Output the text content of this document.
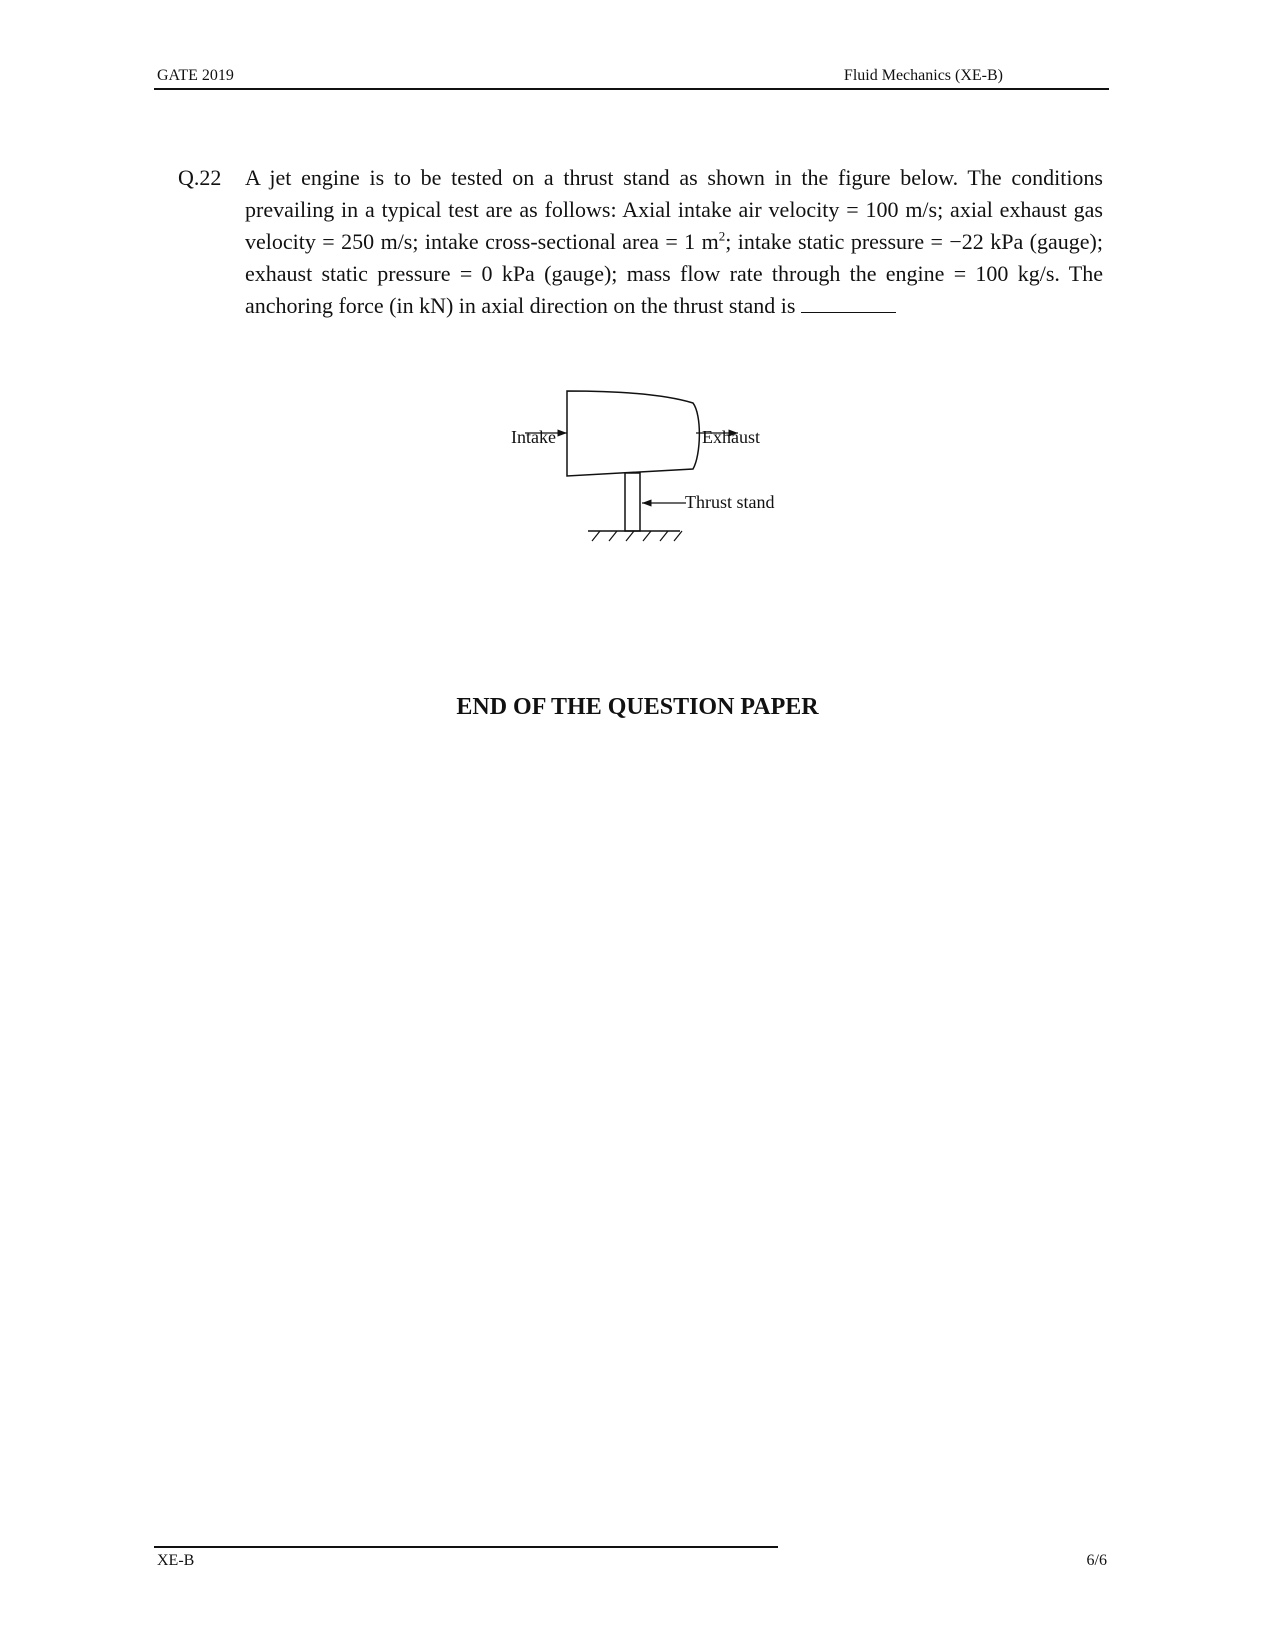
GATE 2019	Fluid Mechanics (XE-B)
Q.22 A jet engine is to be tested on a thrust stand as shown in the figure below. The conditions prevailing in a typical test are as follows: Axial intake air velocity = 100 m/s; axial exhaust gas velocity = 250 m/s; intake cross-sectional area = 1 $m^2$; intake static pressure = −22 kPa (gauge); exhaust static pressure = 0 kPa (gauge); mass flow rate through the engine = 100 kg/s. The anchoring force (in kN) in axial direction on the thrust stand is
Intake	Exhaust
Thrust stand
END OF THE QUESTION PAPER
XE-B	6/6
